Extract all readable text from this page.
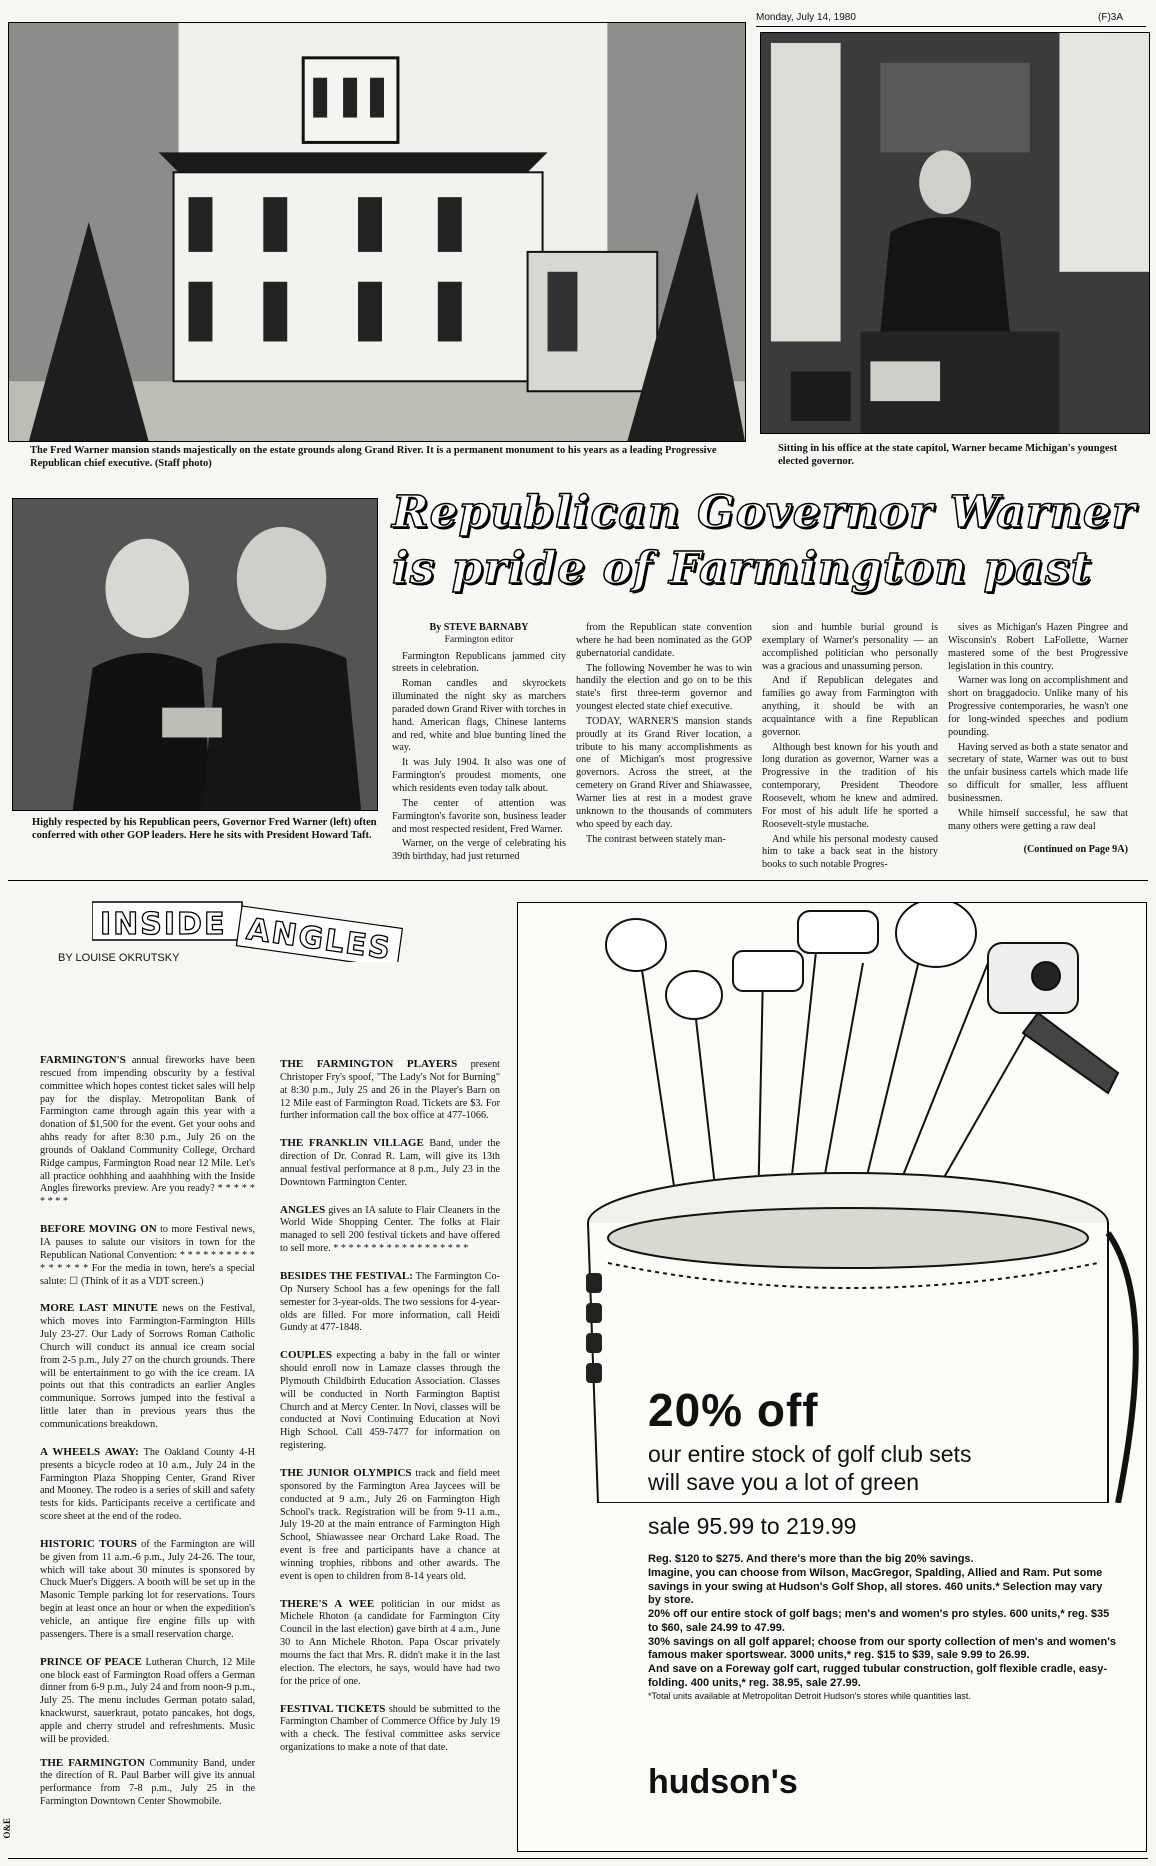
Monday, July 14, 1980	(F)3A
The Fred Warner mansion stands majestically on the estate grounds along Grand River. It is a permanent monument to his years as a leading Progressive Republican chief executive. (Staff photo)
Sitting in his office at the state capitol, Warner became Michigan's youngest elected governor.
Highly respected by his Republican peers, Governor Fred Warner (left) often conferred with other GOP leaders. Here he sits with President Howard Taft.
Republican Governor Warner
is pride of Farmington past
By STEVE BARNABY
Farmington editor

Farmington Republicans jammed city streets in celebration.

Roman candles and skyrockets illuminated the night sky as marchers paraded down Grand River with torches in hand. American flags, Chinese lanterns and red, white and blue bunting lined the way.

It was July 1904. It also was one of Farmington's proudest moments, one which residents even today talk about.

The center of attention was Farmington's favorite son, business leader and most respected resident, Fred Warner.

Warner, on the verge of celebrating his 39th birthday, had just returned

from the Republican state convention where he had been nominated as the GOP gubernatorial candidate.

The following November he was to win handily the election and go on to be this state's first three-term governor and youngest elected state chief executive.

TODAY, WARNER'S mansion stands proudly at its Grand River location, a tribute to his many accomplishments as one of Michigan's most progressive governors. Across the street, at the cemetery on Grand River and Shiawassee, Warner lies at rest in a modest grave unknown to the thousands of commuters who speed by each day.

The contrast between stately man-

sion and humble burial ground is exemplary of Warner's personality — an accomplished politician who personally was a gracious and unassuming person.

And if Republican delegates and families go away from Farmington with anything, it should be with an acquaintance with a fine Republican governor.

Although best known for his youth and long duration as governor, Warner was a Progressive in the tradition of his contemporary, President Theodore Roosevelt, whom he knew and admired. For most of his adult life he sported a Roosevelt-style mustache.

And while his personal modesty caused him to take a back seat in the history books to such notable Progres-

sives as Michigan's Hazen Pingree and Wisconsin's Robert LaFollette, Warner mastered some of the best Progressive legislation in this country.

Warner was long on accomplishment and short on braggadocio. Unlike many of his Progressive contemporaries, he wasn't one for long-winded speeches and podium pounding.

Having served as both a state senator and secretary of state, Warner was out to bust the unfair business cartels which made life so difficult for smaller, less affluent businessmen.

While himself successful, he saw that many others were getting a raw deal

(Continued on Page 9A)
INSIDE ANGLES
BY LOUISE OKRUTSKY
FARMINGTON'S annual fireworks have been rescued from impending obscurity by a festival committee which hopes contest ticket sales will help pay for the display. Metropolitan Bank of Farmington came through again this year with a donation of $1,500 for the event. Get your oohs and ahhs ready for after 8:30 p.m., July 26 on the grounds of Oakland Community College, Orchard Ridge campus, Farmington Road near 12 Mile. Let's all practice oohhhing and aaahhhing with the Inside Angles fireworks preview. Are you ready? * * * * * * * * *
BEFORE MOVING ON to more Festival news, IA pauses to salute our visitors in town for the Republican National Convention: * * * * * * * * * * * * * * * * For the media in town, here's a special salute: ☐ (Think of it as a VDT screen.)
MORE LAST MINUTE news on the Festival, which moves into Farmington-Farmington Hills July 23-27. Our Lady of Sorrows Roman Catholic Church will conduct its annual ice cream social from 2-5 p.m., July 27 on the church grounds. There will be entertainment to go with the ice cream. IA points out that this contradicts an earlier Angles communique. Sorrows jumped into the festival a little later than in previous years thus the communications breakdown.
A WHEELS AWAY: The Oakland County 4-H presents a bicycle rodeo at 10 a.m., July 24 in the Farmington Plaza Shopping Center, Grand River and Mooney. The rodeo is a series of skill and safety tests for kids. Participants receive a certificate and score sheet at the end of the rodeo.
HISTORIC TOURS of the Farmington are will be given from 11 a.m.-6 p.m., July 24-26. The tour, which will take about 30 minutes is sponsored by Chuck Muer's Diggers. A booth will be set up in the Masonic Temple parking lot for reservations. Tours begin at least once an hour or when the expedition's vehicle, an antique fire engine fills up with passengers. There is a small reservation charge.
PRINCE OF PEACE Lutheran Church, 12 Mile one block east of Farmington Road offers a German dinner from 6-9 p.m., July 24 and from noon-9 p.m., July 25. The menu includes German potato salad, knackwurst, sauerkraut, potato pancakes, hot dogs, apple and cherry strudel and refreshments. Music will be provided.
THE FARMINGTON Community Band, under the direction of R. Paul Barber will give its annual performance from 7-8 p.m., July 25 in the Farmington Downtown Center Showmobile.
THE FARMINGTON PLAYERS present Christoper Fry's spoof, "The Lady's Not for Burning" at 8:30 p.m., July 25 and 26 in the Player's Barn on 12 Mile east of Farmington Road. Tickets are $3. For further information call the box office at 477-1066.
THE FRANKLIN VILLAGE Band, under the direction of Dr. Conrad R. Lam, will give its 13th annual festival performance at 8 p.m., July 23 in the Downtown Farmington Center.
ANGLES gives an IA salute to Flair Cleaners in the World Wide Shopping Center. The folks at Flair managed to sell 200 festival tickets and have offered to sell more. * * * * * * * * * * * * * * * * * *
BESIDES THE FESTIVAL: The Farmington Co-Op Nursery School has a few openings for the fall semester for 3-year-olds. The two sessions for 4-year-olds are filled. For more information, call Heidi Gundy at 477-1848.
COUPLES expecting a baby in the fall or winter should enroll now in Lamaze classes through the Plymouth Childbirth Education Association. Classes will be conducted in North Farmington Baptist Church and at Mercy Center. In Novi, classes will be conducted at Novi Continuing Education at Novi High School. Call 459-7477 for information on registering.
THE JUNIOR OLYMPICS track and field meet sponsored by the Farmington Area Jaycees will be conducted at 9 a.m., July 26 on Farmington High School's track. Registration will be from 9-11 a.m., July 19-20 at the main entrance of Farmington High School, Shiawassee near Orchard Lake Road. The event is free and participants have a chance at winning trophies, ribbons and other awards. The event is open to children from 8-14 years old.
THERE'S A WEE politician in our midst as Michele Rhoton (a candidate for Farmington City Council in the last election) gave birth at 4 a.m., June 30 to Ann Michele Rhoton. Papa Oscar privately mourns the fact that Mrs. R. didn't make it in the last election. The electors, he says, would have had two for the price of one.
FESTIVAL TICKETS should be submitted to the Farmington Chamber of Commerce Office by July 19 with a check. The festival committee asks service organizations to make a note of that date.
O&E
20% off
our entire stock of golf club sets
will save you a lot of green
sale 95.99 to 219.99
Reg. $120 to $275. And there's more than the big 20% savings.
Imagine, you can choose from Wilson, MacGregor, Spalding, Allied and Ram. Put some savings in your swing at Hudson's Golf Shop, all stores. 460 units.* Selection may vary by store.
20% off our entire stock of golf bags; men's and women's pro styles. 600 units,* reg. $35 to $60, sale 24.99 to 47.99.
30% savings on all golf apparel; choose from our sporty collection of men's and women's famous maker sportswear. 3000 units,* reg. $15 to $39, sale 9.99 to 26.99.
And save on a Foreway golf cart, rugged tubular construction, golf flexible cradle, easy-folding. 400 units,* reg. 38.95, sale 27.99.
*Total units available at Metropolitan Detroit Hudson's stores while quantities last.
hudson's
